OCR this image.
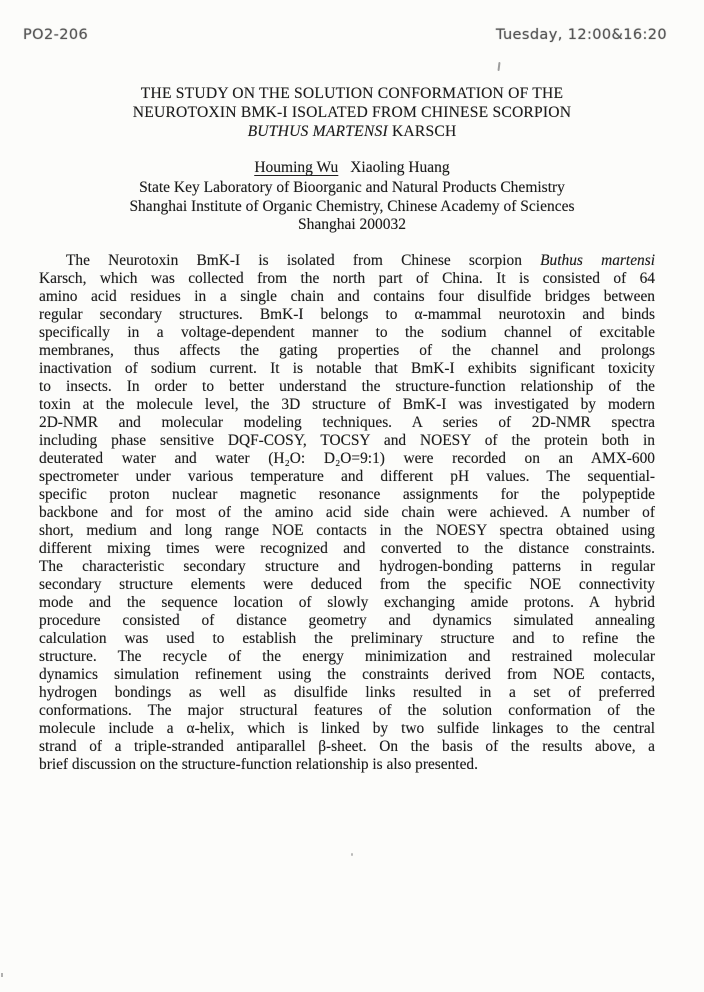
PO2-206	Tuesday, 12:00&16:20
THE STUDY ON THE SOLUTION CONFORMATION OF THE
NEUROTOXIN BMK-I ISOLATED FROM CHINESE SCORPION
BUTHUS MARTENSI KARSCH
Houming Wu Xiaoling Huang
State Key Laboratory of Bioorganic and Natural Products Chemistry
Shanghai Institute of Organic Chemistry, Chinese Academy of Sciences
Shanghai 200032
The Neurotoxin BmK-I is isolated from Chinese scorpion Buthus martensi
Karsch, which was collected from the north part of China. It is consisted of 64
amino acid residues in a single chain and contains four disulfide bridges between
regular secondary structures. BmK-I belongs to α-mammal neurotoxin and binds
specifically in a voltage-dependent manner to the sodium channel of excitable
membranes, thus affects the gating properties of the channel and prolongs
inactivation of sodium current. It is notable that BmK-I exhibits significant toxicity
to insects. In order to better understand the structure-function relationship of the
toxin at the molecule level, the 3D structure of BmK-I was investigated by modern
2D-NMR and molecular modeling techniques. A series of 2D-NMR spectra
including phase sensitive DQF-COSY, TOCSY and NOESY of the protein both in
deuterated water and water (H₂O: D₂O=9:1) were recorded on an AMX-600
spectrometer under various temperature and different pH values. The sequential-
specific proton nuclear magnetic resonance assignments for the polypeptide
backbone and for most of the amino acid side chain were achieved. A number of
short, medium and long range NOE contacts in the NOESY spectra obtained using
different mixing times were recognized and converted to the distance constraints.
The characteristic secondary structure and hydrogen-bonding patterns in regular
secondary structure elements were deduced from the specific NOE connectivity
mode and the sequence location of slowly exchanging amide protons. A hybrid
procedure consisted of distance geometry and dynamics simulated annealing
calculation was used to establish the preliminary structure and to refine the
structure. The recycle of the energy minimization and restrained molecular
dynamics simulation refinement using the constraints derived from NOE contacts,
hydrogen bondings as well as disulfide links resulted in a set of preferred
conformations. The major structural features of the solution conformation of the
molecule include a α-helix, which is linked by two sulfide linkages to the central
strand of a triple-stranded antiparallel β-sheet. On the basis of the results above, a
brief discussion on the structure-function relationship is also presented.
